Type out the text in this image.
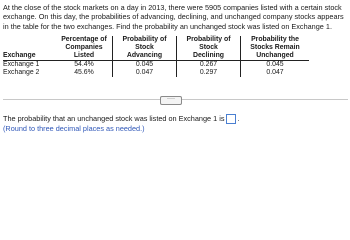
At the close of the stock markets on a day in 2013, there were 5905 companies listed with a certain stock exchange. On this day, the probabilities of advancing, declining, and unchanged company stocks appears in the table for the two exchanges. Find the probability an unchanged stock was listed on Exchange 1.

	Percentage of	Probability of	Probability of	Probability the
	Companies	Stock	Stock	Stocks Remain
Exchange	Listed	Advancing	Declining	Unchanged
Exchange 1	54.4%	0.045	0.267	0.045
Exchange 2	45.6%	0.047	0.297	0.047
····
The probability that an unchanged stock was listed on Exchange 1 is .
(Round to three decimal places as needed.)
